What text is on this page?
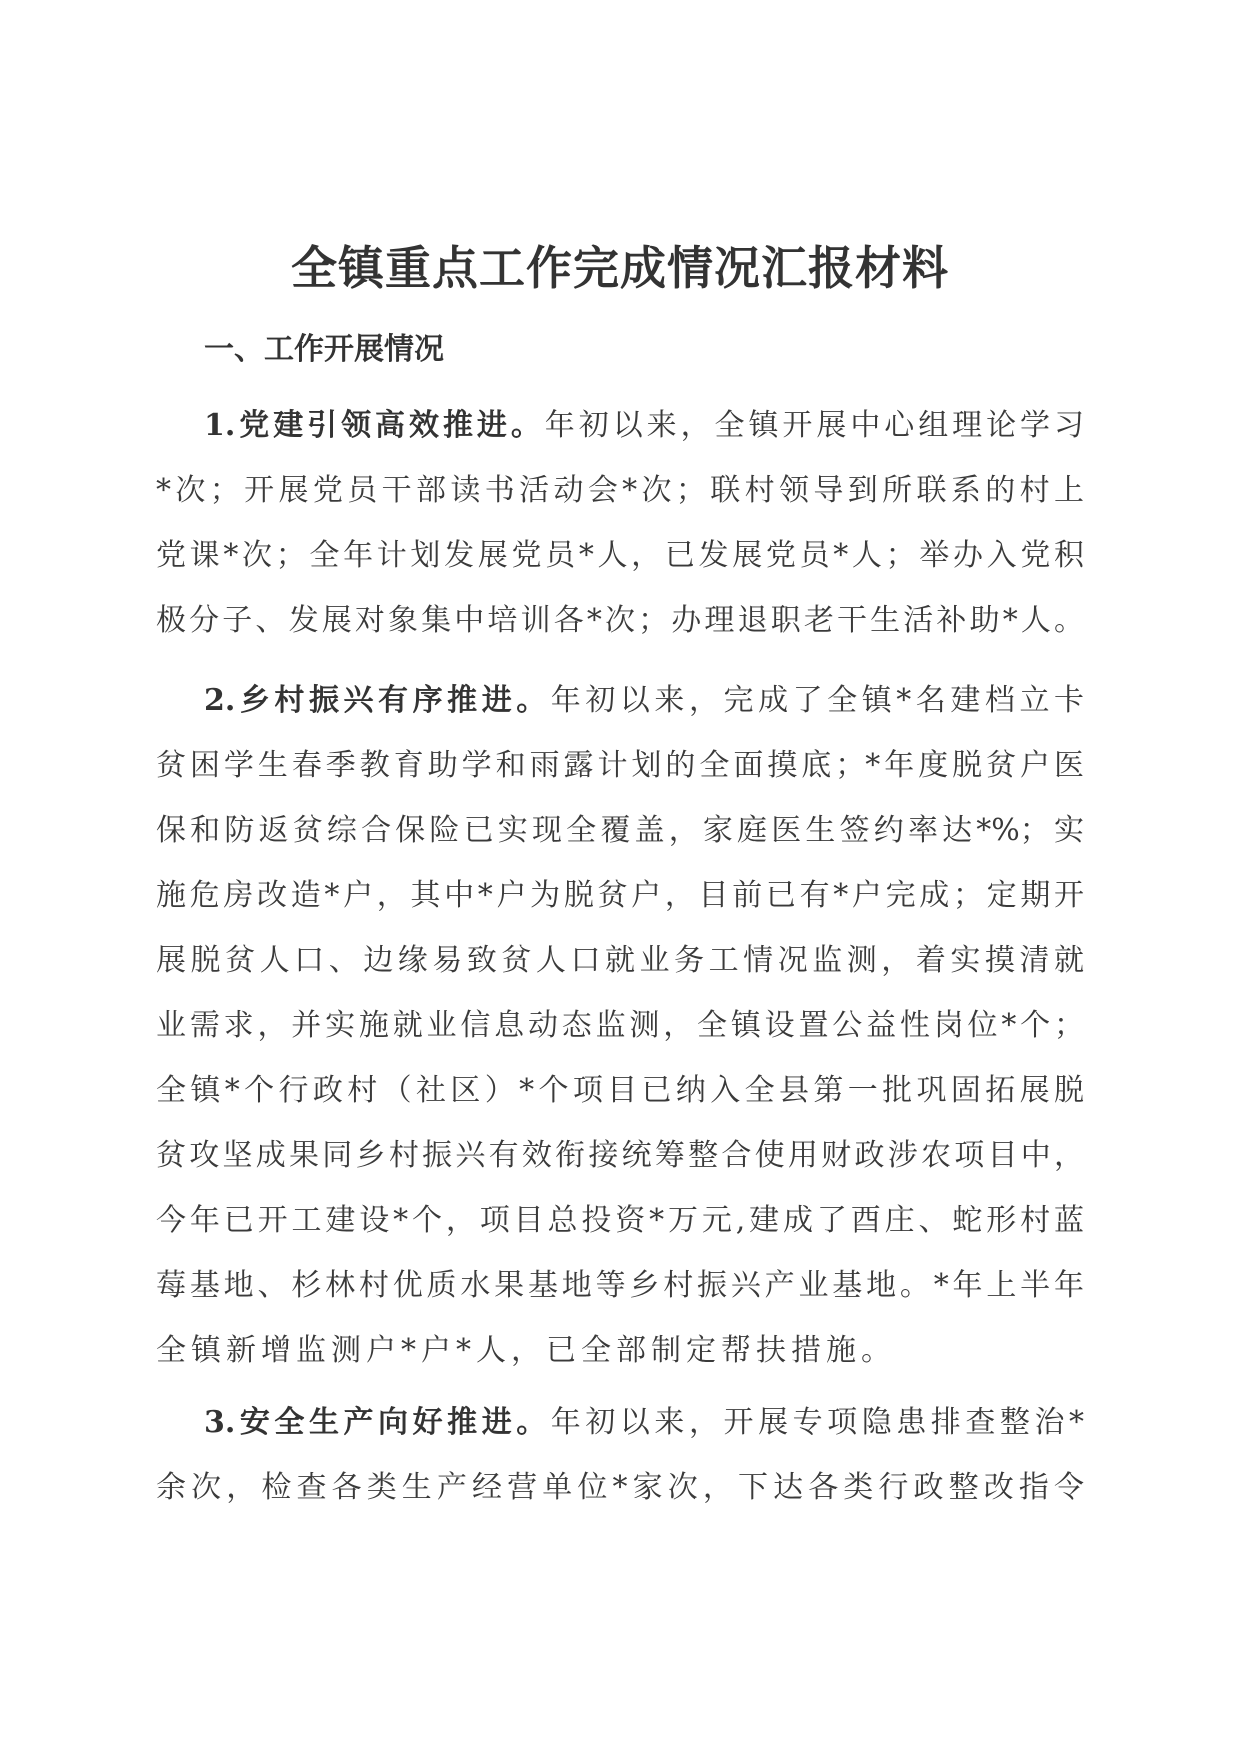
全镇重点工作完成情况汇报材料
一、工作开展情况
1.党建引领高效推进。年初以来，全镇开展中心组理论学习
*次；开展党员干部读书活动会*次；联村领导到所联系的村上
党课*次；全年计划发展党员*人，已发展党员*人；举办入党积
极分子、发展对象集中培训各*次；办理退职老干生活补助*人。
2.乡村振兴有序推进。年初以来，完成了全镇*名建档立卡
贫困学生春季教育助学和雨露计划的全面摸底；*年度脱贫户医
保和防返贫综合保险已实现全覆盖，家庭医生签约率达*%；实
施危房改造*户，其中*户为脱贫户，目前已有*户完成；定期开
展脱贫人口、边缘易致贫人口就业务工情况监测，着实摸清就
业需求，并实施就业信息动态监测，全镇设置公益性岗位*个；
全镇*个行政村（社区）*个项目已纳入全县第一批巩固拓展脱
贫攻坚成果同乡村振兴有效衔接统筹整合使用财政涉农项目中，
今年已开工建设*个，项目总投资*万元,建成了酉庄、蛇形村蓝
莓基地、杉林村优质水果基地等乡村振兴产业基地。*年上半年
全镇新增监测户*户*人，已全部制定帮扶措施。
3.安全生产向好推进。年初以来，开展专项隐患排查整治*
余次，检查各类生产经营单位*家次，下达各类行政整改指令
